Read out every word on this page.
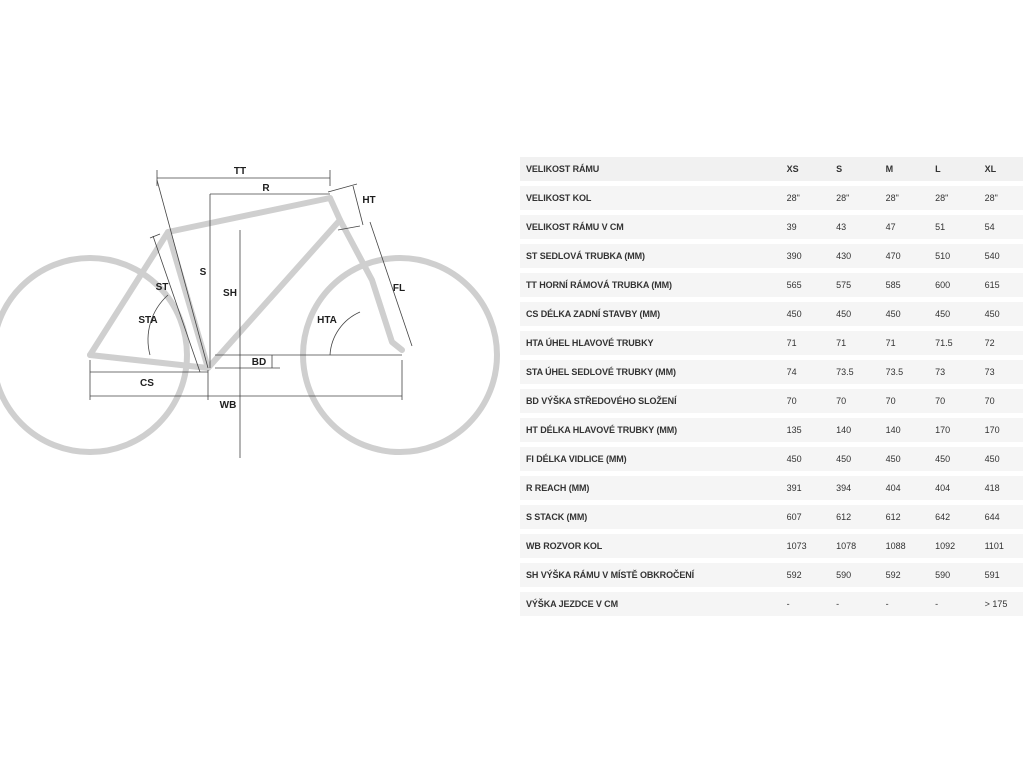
TT
R
HT
S
SH
ST
STA
FL
HTA
BD
CS
WB
VELIKOST RÁMU	XS	S	M	L	XL
VELIKOST KOL	28"	28"	28"	28"	28"
VELIKOST RÁMU V CM	39	43	47	51	54
ST SEDLOVÁ TRUBKA (MM)	390	430	470	510	540
TT HORNÍ RÁMOVÁ TRUBKA (MM)	565	575	585	600	615
CS DÉLKA ZADNÍ STAVBY (MM)	450	450	450	450	450
HTA ÚHEL HLAVOVÉ TRUBKY	71	71	71	71.5	72
STA ÚHEL SEDLOVÉ TRUBKY (MM)	74	73.5	73.5	73	73
BD VÝŠKA STŘEDOVÉHO SLOŽENÍ	70	70	70	70	70
HT DÉLKA HLAVOVÉ TRUBKY (MM)	135	140	140	170	170
FI DÉLKA VIDLICE (MM)	450	450	450	450	450
R REACH (MM)	391	394	404	404	418
S STACK (MM)	607	612	612	642	644
WB ROZVOR KOL	1073	1078	1088	1092	1101
SH VÝŠKA RÁMU V MÍSTĚ OBKROČENÍ	592	590	592	590	591
VÝŠKA JEZDCE V CM	-	-	-	-	> 175
